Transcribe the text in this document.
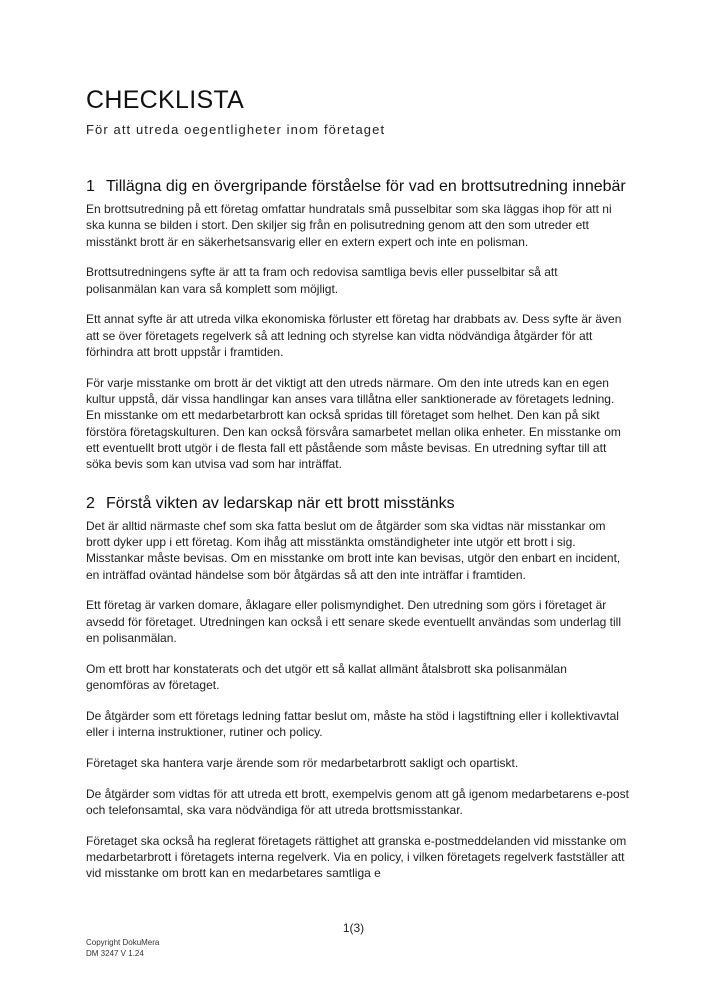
CHECKLISTA
För att utreda oegentligheter inom företaget
1 Tillägna dig en övergripande förståelse för vad en brottsutredning innebär

En brottsutredning på ett företag omfattar hundratals små pusselbitar som ska läggas ihop för att ni ska kunna se bilden i stort. Den skiljer sig från en polisutredning genom att den som utreder ett misstänkt brott är en säkerhetsansvarig eller en extern expert och inte en polisman.

Brottsutredningens syfte är att ta fram och redovisa samtliga bevis eller pusselbitar så att polisanmälan kan vara så komplett som möjligt.

Ett annat syfte är att utreda vilka ekonomiska förluster ett företag har drabbats av. Dess syfte är även att se över företagets regelverk så att ledning och styrelse kan vidta nödvändiga åtgärder för att förhindra att brott uppstår i framtiden.

För varje misstanke om brott är det viktigt att den utreds närmare. Om den inte utreds kan en egen kultur uppstå, där vissa handlingar kan anses vara tillåtna eller sanktionerade av företagets ledning. En misstanke om ett medarbetarbrott kan också spridas till företaget som helhet. Den kan på sikt förstöra företagskulturen. Den kan också försvåra samarbetet mellan olika enheter. En misstanke om ett eventuellt brott utgör i de flesta fall ett påstående som måste bevisas. En utredning syftar till att söka bevis som kan utvisa vad som har inträffat.

2 Förstå vikten av ledarskap när ett brott misstänks

Det är alltid närmaste chef som ska fatta beslut om de åtgärder som ska vidtas när misstankar om brott dyker upp i ett företag. Kom ihåg att misstänkta omständigheter inte utgör ett brott i sig. Misstankar måste bevisas. Om en misstanke om brott inte kan bevisas, utgör den enbart en incident, en inträffad oväntad händelse som bör åtgärdas så att den inte inträffar i framtiden.

Ett företag är varken domare, åklagare eller polismyndighet. Den utredning som görs i företaget är avsedd för företaget. Utredningen kan också i ett senare skede eventuellt användas som underlag till en polisanmälan.

Om ett brott har konstaterats och det utgör ett så kallat allmänt åtalsbrott ska polisanmälan genomföras av företaget.

De åtgärder som ett företags ledning fattar beslut om, måste ha stöd i lagstiftning eller i kollektivavtal eller i interna instruktioner, rutiner och policy.

Företaget ska hantera varje ärende som rör medarbetarbrott sakligt och opartiskt.

De åtgärder som vidtas för att utreda ett brott, exempelvis genom att gå igenom medarbetarens e-post och telefonsamtal, ska vara nödvändiga för att utreda brottsmisstankar.

Företaget ska också ha reglerat företagets rättighet att granska e-postmeddelanden vid misstanke om medarbetarbrott i företagets interna regelverk. Via en policy, i vilken företagets regelverk fastställer att vid misstanke om brott kan en medarbetares samtliga e

1(3)
Copyright DokuMera
DM 3247 V 1.24
